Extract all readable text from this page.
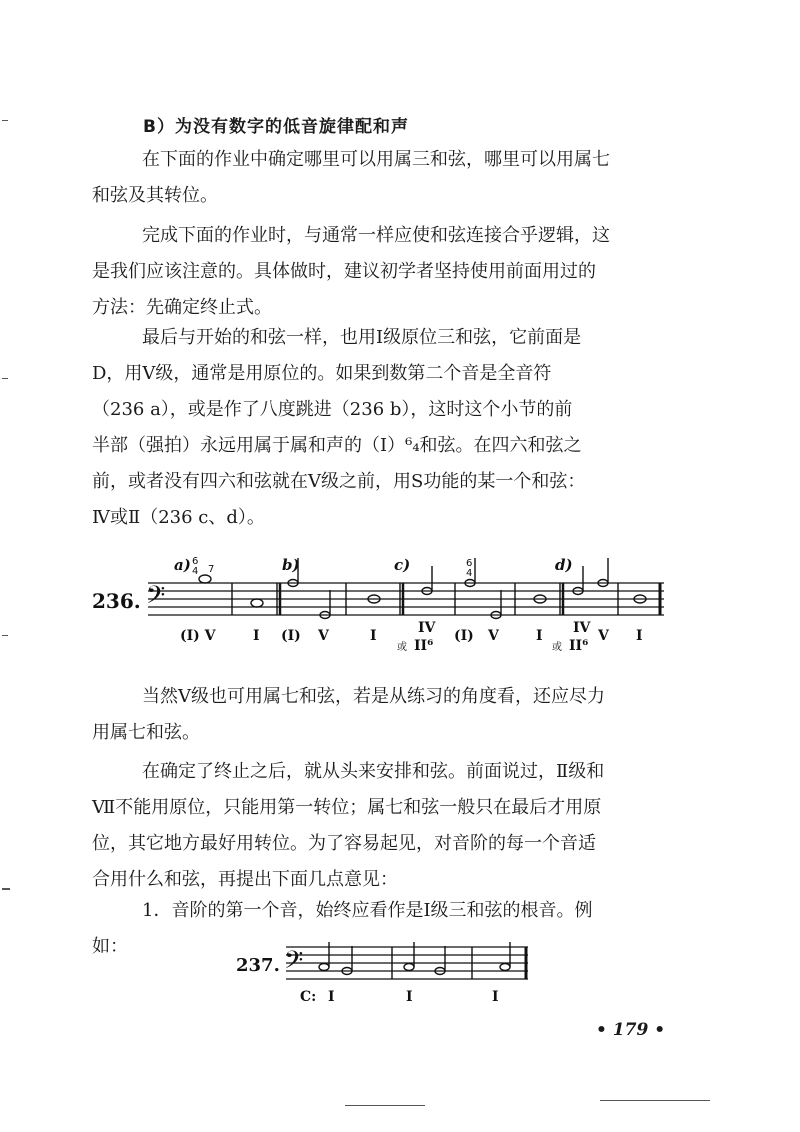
B）为没有数字的低音旋律配和声
在下面的作业中确定哪里可以用属三和弦，哪里可以用属七
和弦及其转位。
完成下面的作业时，与通常一样应使和弦连接合乎逻辑，这
是我们应该注意的。具体做时，建议初学者坚持使用前面用过的
方法：先确定终止式。
最后与开始的和弦一样，也用Ⅰ级原位三和弦，它前面是
D，用Ⅴ级，通常是用原位的。如果到数第二个音是全音符
（236 a），或是作了八度跳进（236 b），这时这个小节的前
半部（强拍）永远用属于属和声的（Ⅰ）⁶₄和弦。在四六和弦之
前，或者没有四六和弦就在Ⅴ级之前，用S功能的某一个和弦：
Ⅳ或Ⅱ（236 c、d）。
236. 𝄢
a) 6
4 7	b)	c)	6
4	d)
(I) V	I (I) V	I	IV
或 II⁶
(I) V	I IV
或 II⁶
V I
当然Ⅴ级也可用属七和弦，若是从练习的角度看，还应尽力
用属七和弦。
在确定了终止之后，就从头来安排和弦。前面说过，Ⅱ级和
Ⅶ不能用原位，只能用第一转位；属七和弦一般只在最后才用原
位，其它地方最好用转位。为了容易起见，对音阶的每一个音适
合用什么和弦，再提出下面几点意见：
1．音阶的第一个音，始终应看作是Ⅰ级三和弦的根音。例
如：
237. 𝄢
C: I	I	I
• 179 •
